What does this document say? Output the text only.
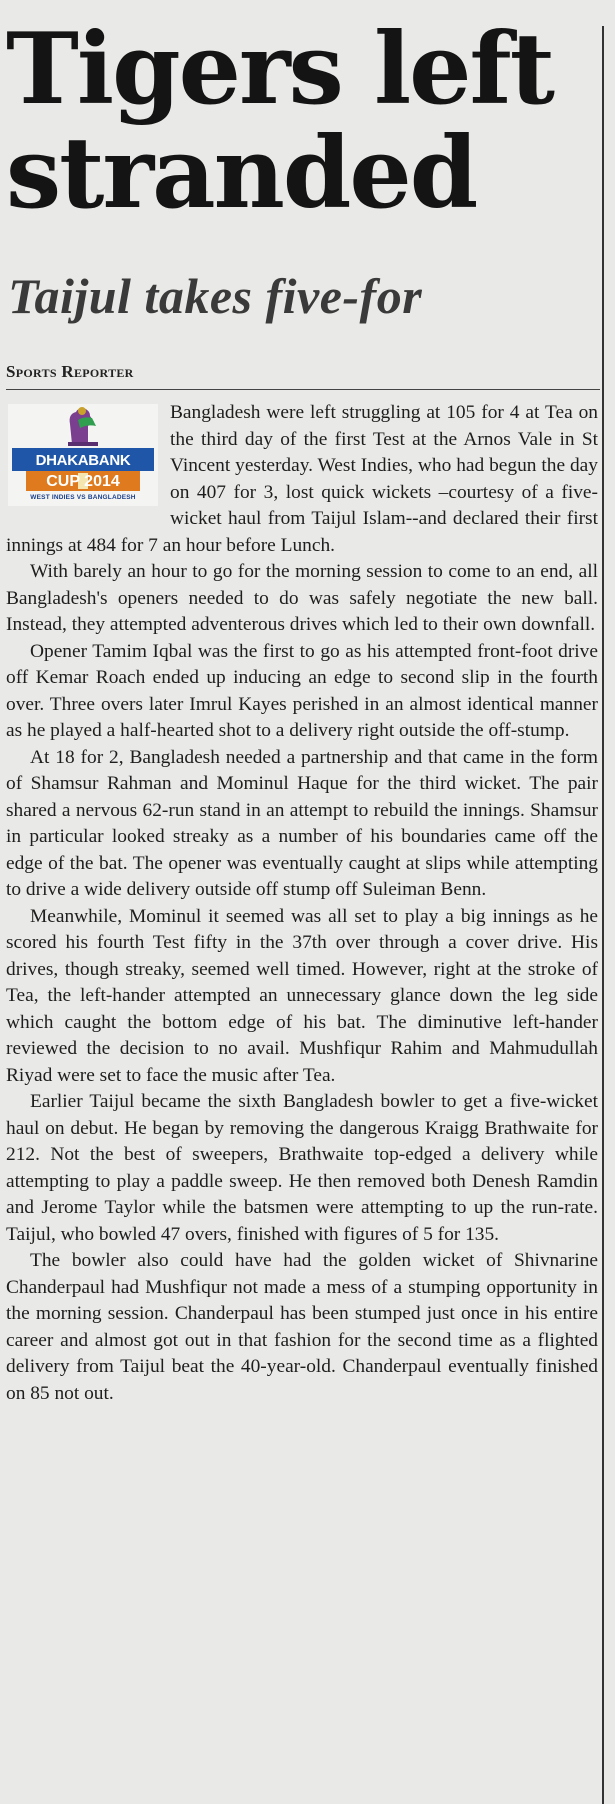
Tigers left stranded
Taijul takes five-for
Sports Reporter

DHAKABANK
CUP 2014
WEST INDIES VS BANGLADESH
Bangladesh were left struggling at 105 for 4 at Tea on the third day of the first Test at the Arnos Vale in St Vincent yesterday. West Indies, who had begun the day on 407 for 3, lost quick wickets –courtesy of a five-wicket haul from Taijul Islam--and declared their first innings at 484 for 7 an hour before Lunch.

With barely an hour to go for the morning session to come to an end, all Bangladesh's openers needed to do was safely negotiate the new ball. Instead, they attempted adventerous drives which led to their own downfall.

Opener Tamim Iqbal was the first to go as his attempted front-foot drive off Kemar Roach ended up inducing an edge to second slip in the fourth over. Three overs later Imrul Kayes perished in an almost identical manner as he played a half-hearted shot to a delivery right outside the off-stump.

At 18 for 2, Bangladesh needed a partnership and that came in the form of Shamsur Rahman and Mominul Haque for the third wicket. The pair shared a nervous 62-run stand in an attempt to rebuild the innings. Shamsur in particular looked streaky as a number of his boundaries came off the edge of the bat. The opener was eventually caught at slips while attempting to drive a wide delivery outside off stump off Suleiman Benn.

Meanwhile, Mominul it seemed was all set to play a big innings as he scored his fourth Test fifty in the 37th over through a cover drive. His drives, though streaky, seemed well timed. However, right at the stroke of Tea, the left-hander attempted an unnecessary glance down the leg side which caught the bottom edge of his bat. The diminutive left-hander reviewed the decision to no avail. Mushfiqur Rahim and Mahmudullah Riyad were set to face the music after Tea.

Earlier Taijul became the sixth Bangladesh bowler to get a five-wicket haul on debut. He began by removing the dangerous Kraigg Brathwaite for 212. Not the best of sweepers, Brathwaite top-edged a delivery while attempting to play a paddle sweep. He then removed both Denesh Ramdin and Jerome Taylor while the batsmen were attempting to up the run-rate. Taijul, who bowled 47 overs, finished with figures of 5 for 135.

The bowler also could have had the golden wicket of Shivnarine Chanderpaul had Mushfiqur not made a mess of a stumping opportunity in the morning session. Chanderpaul has been stumped just once in his entire career and almost got out in that fashion for the second time as a flighted delivery from Taijul beat the 40-year-old. Chanderpaul eventually finished on 85 not out.
